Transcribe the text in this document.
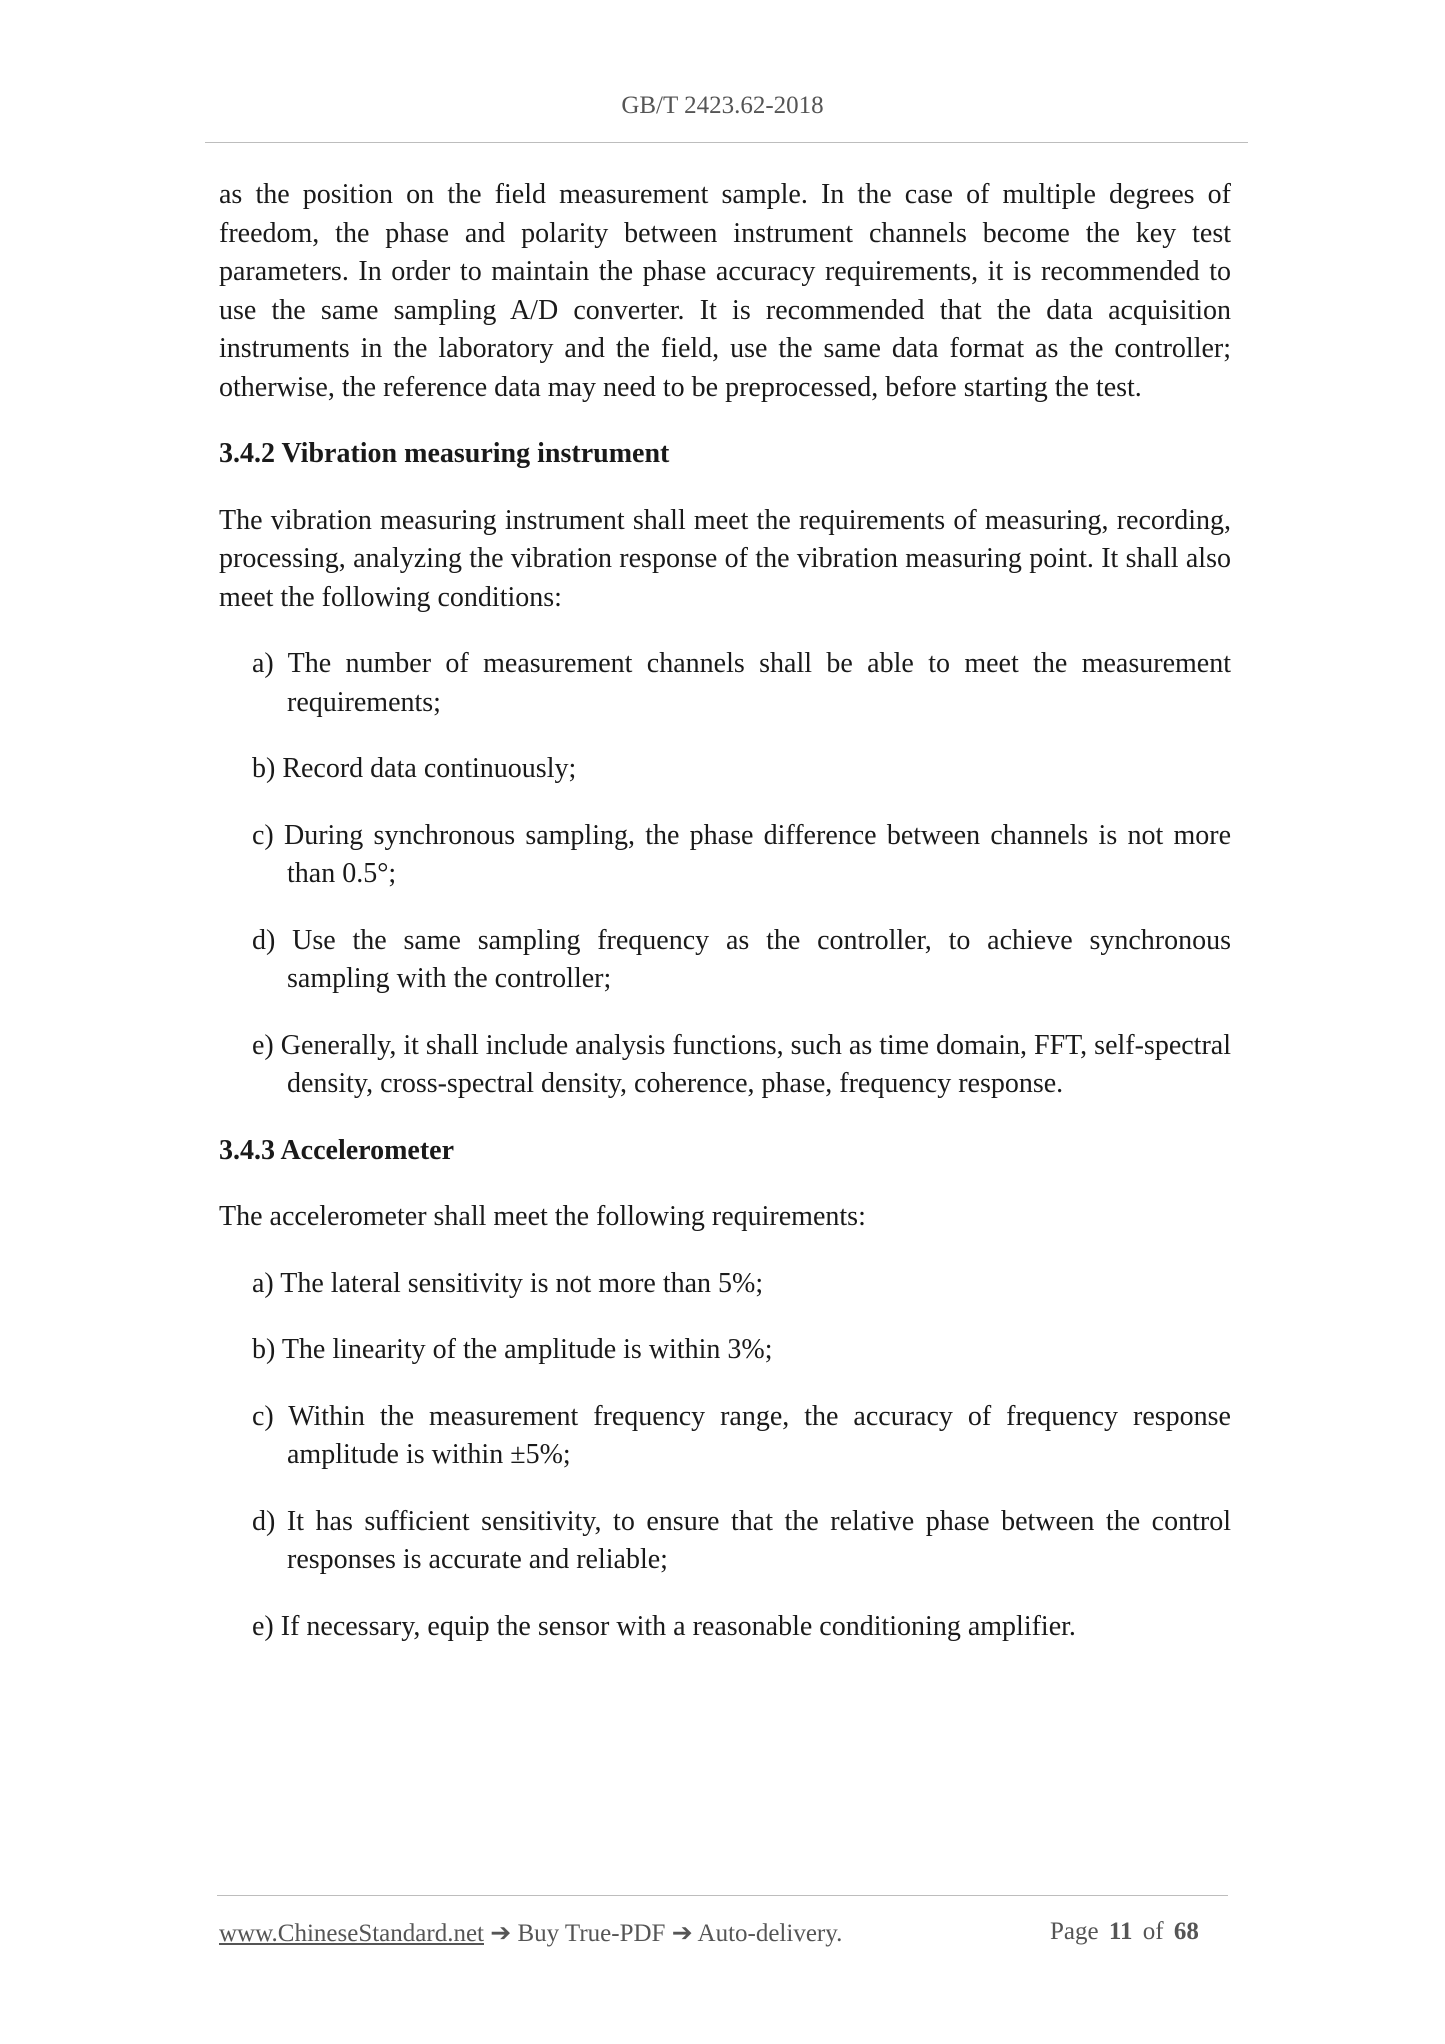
GB/T 2423.62-2018

as the position on the field measurement sample. In the case of multiple degrees of freedom, the phase and polarity between instrument channels become the key test parameters. In order to maintain the phase accuracy requirements, it is recommended to use the same sampling A/D converter. It is recommended that the data acquisition instruments in the laboratory and the field, use the same data format as the controller; otherwise, the reference data may need to be preprocessed, before starting the test.

3.4.2 Vibration measuring instrument

The vibration measuring instrument shall meet the requirements of measuring, recording, processing, analyzing the vibration response of the vibration measuring point. It shall also meet the following conditions:

a) The number of measurement channels shall be able to meet the measurement requirements;
b) Record data continuously;
c) During synchronous sampling, the phase difference between channels is not more than 0.5°;
d) Use the same sampling frequency as the controller, to achieve synchronous sampling with the controller;
e) Generally, it shall include analysis functions, such as time domain, FFT, self-spectral density, cross-spectral density, coherence, phase, frequency response.
3.4.3 Accelerometer

The accelerometer shall meet the following requirements:

a) The lateral sensitivity is not more than 5%;
b) The linearity of the amplitude is within 3%;
c) Within the measurement frequency range, the accuracy of frequency response amplitude is within ±5%;
d) It has sufficient sensitivity, to ensure that the relative phase between the control responses is accurate and reliable;
e) If necessary, equip the sensor with a reasonable conditioning amplifier.
www.ChineseStandard.net ➔ Buy True-PDF ➔ Auto-delivery.	Page 11 of 68
